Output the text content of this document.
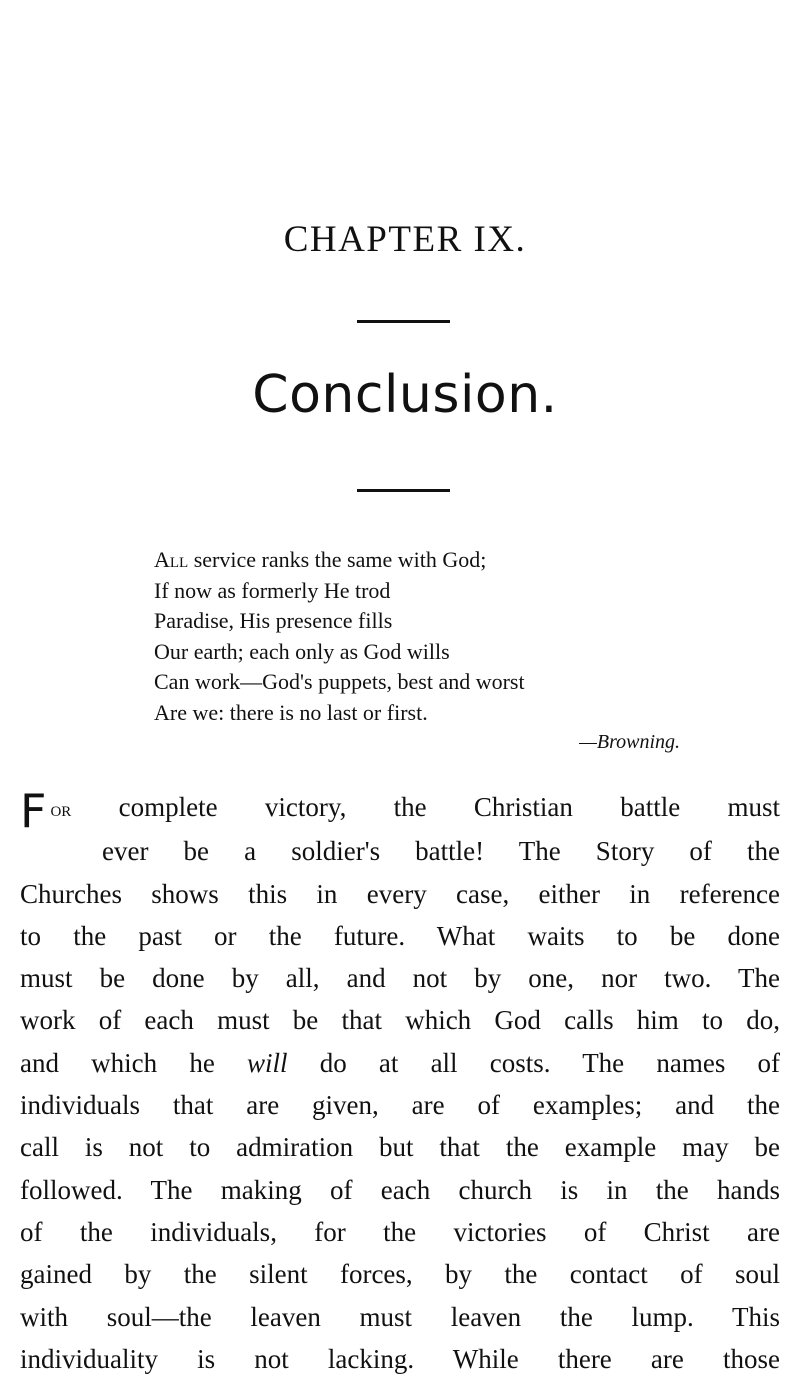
CHAPTER IX.
Conclusion.
All service ranks the same with God;
If now as formerly He trod
Paradise, His presence fills
Our earth; each only as God wills
Can work—God's puppets, best and worst
Are we: there is no last or first.

—Browning.

For complete victory, the Christian battle must
ever be a soldier's battle! The Story of the
Churches shows this in every case, either in reference
to the past or the future. What waits to be done
must be done by all, and not by one, nor two. The
work of each must be that which God calls him to do,
and which he will do at all costs. The names of
individuals that are given, are of examples; and the
call is not to admiration but that the example may be
followed. The making of each church is in the hands
of the individuals, for the victories of Christ are
gained by the silent forces, by the contact of soul
with soul—the leaven must leaven the lump. This
individuality is not lacking. While there are those
